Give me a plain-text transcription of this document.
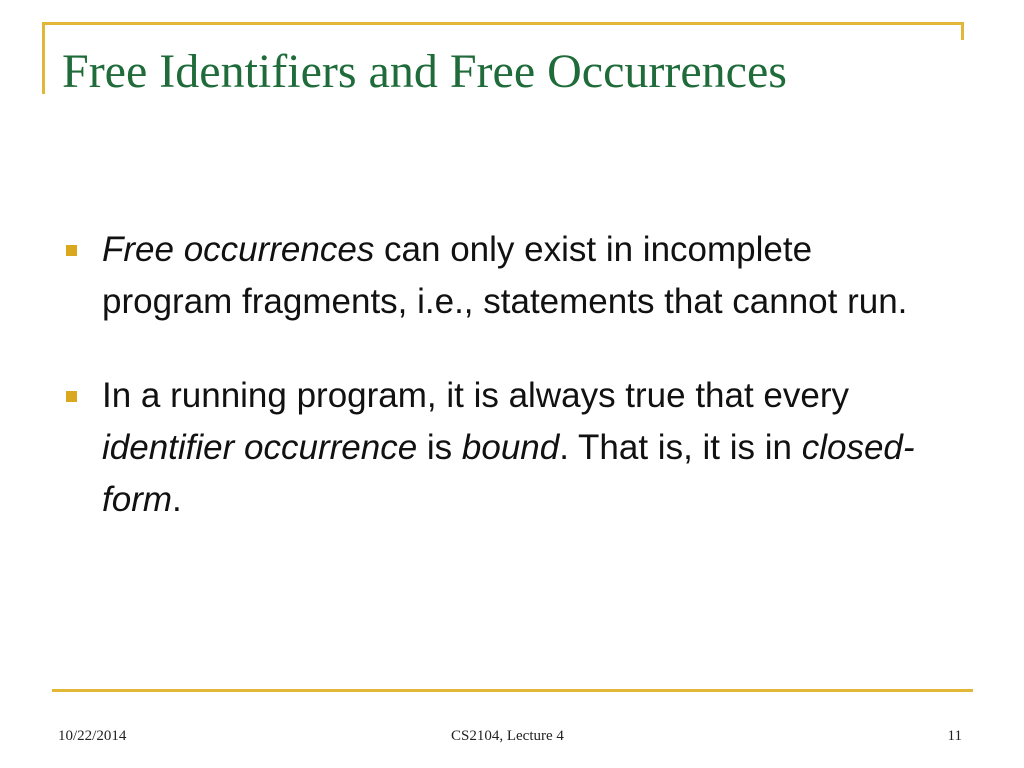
Free Identifiers and Free Occurrences
Free occurrences can only exist in incomplete program fragments, i.e., statements that cannot run.
In a running program, it is always true that every identifier occurrence is bound. That is, it is in closed-form.
10/22/2014	CS2104, Lecture 4	11
